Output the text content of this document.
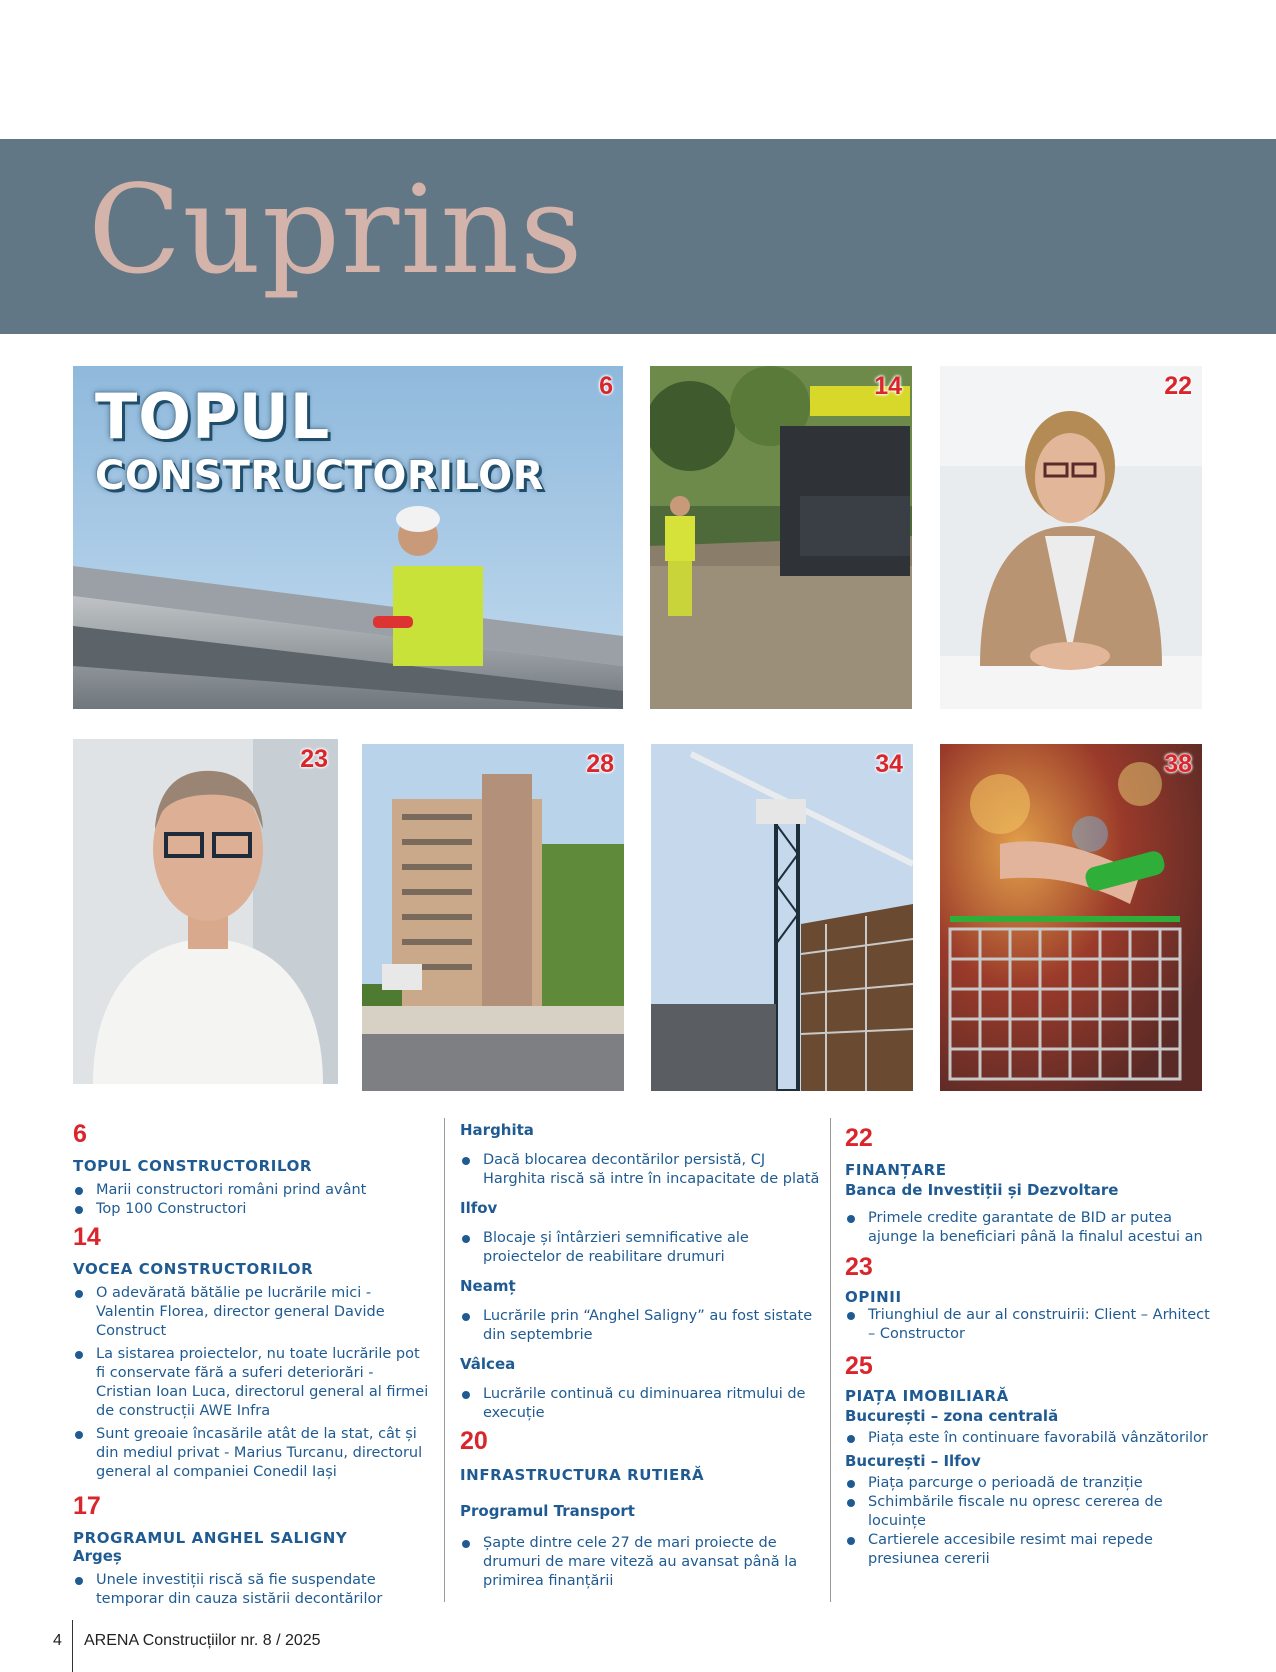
Cuprins
TOPUL
CONSTRUCTORILOR
6	14	22
23	28	34	38
6
TOPUL CONSTRUCTORILOR
Marii constructori români prind avânt
Top 100 Constructori
14
VOCEA CONSTRUCTORILOR
O adevărată bătălie pe lucrările mici - Valentin Florea, director general Davide Construct
La sistarea proiectelor, nu toate lucrările pot fi conservate fără a suferi deteriorări - Cristian Ioan Luca, directorul general al firmei de construcții AWE Infra
Sunt greoaie încasările atât de la stat, cât și din mediul privat - Marius Turcanu, directorul general al companiei Conedil Iași
17
PROGRAMUL ANGHEL SALIGNY
Argeș
Unele investiții riscă să fie suspendate temporar din cauza sistării decontărilor
Harghita
Dacă blocarea decontărilor persistă, CJ Harghita riscă să intre în incapacitate de plată
Ilfov
Blocaje și întârzieri semnificative ale proiectelor de reabilitare drumuri
Neamț
Lucrările prin “Anghel Saligny” au fost sistate din septembrie
Vâlcea
Lucrările continuă cu diminuarea ritmului de execuție
20
INFRASTRUCTURA RUTIERĂ
Programul Transport
Șapte dintre cele 27 de mari proiecte de drumuri de mare viteză au avansat până la primirea finanțării
22
FINANȚARE
Banca de Investiții și Dezvoltare
Primele credite garantate de BID ar putea ajunge la beneficiari până la finalul acestui an
23
OPINII
Triunghiul de aur al construirii: Client – Arhitect – Constructor
25
PIAȚA IMOBILIARĂ
București – zona centrală
Piața este în continuare favorabilă vânzătorilor
București – Ilfov
Piața parcurge o perioadă de tranziție
Schimbările fiscale nu opresc cererea de locuințe
Cartierele accesibile resimt mai repede presiunea cererii
4 ARENA Construcțiilor nr. 8 / 2025
